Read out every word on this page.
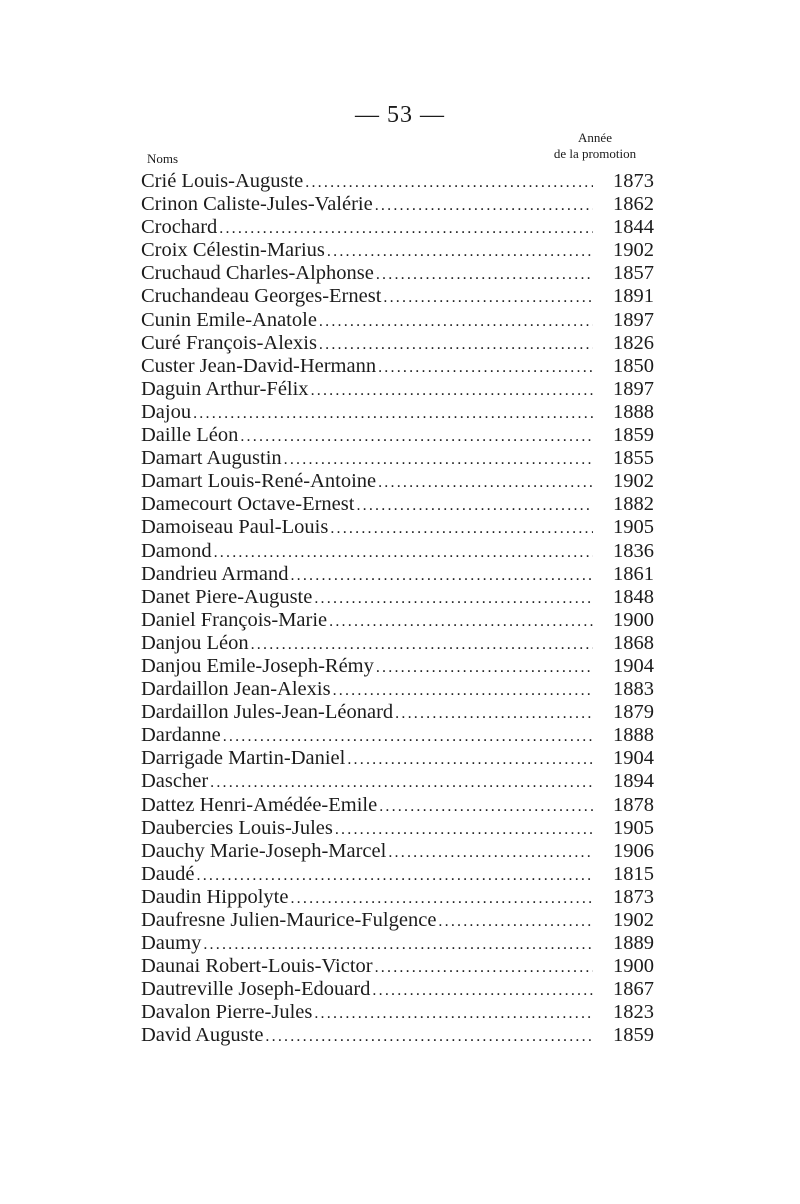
— 53 —
Noms
Année
de la promotion
Crié Louis-Auguste .....	1873
Crinon Caliste-Jules-Valérie .....	1862
Crochard .....	1844
Croix Célestin-Marius .....	1902
Cruchaud Charles-Alphonse .....	1857
Cruchandeau Georges-Ernest .....	1891
Cunin Emile-Anatole .....	1897
Curé François-Alexis .....	1826
Custer Jean-David-Hermann .....	1850
Daguin Arthur-Félix .....	1897
Dajou .....	1888
Daille Léon .....	1859
Damart Augustin .....	1855
Damart Louis-René-Antoine .....	1902
Damecourt Octave-Ernest .....	1882
Damoiseau Paul-Louis .....	1905
Damond .....	1836
Dandrieu Armand .....	1861
Danet Piere-Auguste .....	1848
Daniel François-Marie .....	1900
Danjou Léon .....	1868
Danjou Emile-Joseph-Rémy .....	1904
Dardaillon Jean-Alexis .....	1883
Dardaillon Jules-Jean-Léonard .....	1879
Dardanne .....	1888
Darrigade Martin-Daniel .....	1904
Dascher .....	1894
Dattez Henri-Amédée-Emile .....	1878
Daubercies Louis-Jules .....	1905
Dauchy Marie-Joseph-Marcel .....	1906
Daudé .....	1815
Daudin Hippolyte .....	1873
Daufresne Julien-Maurice-Fulgence .....	1902
Daumy .....	1889
Daunai Robert-Louis-Victor .....	1900
Dautreville Joseph-Edouard .....	1867
Davalon Pierre-Jules .....	1823
David Auguste .....	1859
